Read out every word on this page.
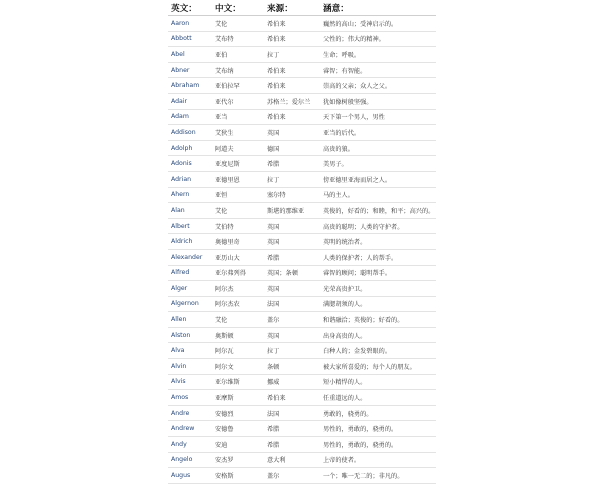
英文：	中文：	来源：	涵意：
Aaron	艾伦	希伯来	巍然的高山；受神启示的。
Abbott	艾布特	希伯来	父性的；伟大的精神。
Abel	亚伯	拉丁	生命；呼吸。
Abner	艾布纳	希伯来	睿智；有智能。
Abraham	亚伯拉罕	希伯来	崇高的父亲；众人之父。
Adair	亚代尔	苏格兰；爱尔兰	犹如像树般坚强。
Adam	亚当	希伯来	天下第一个男人，男性
Addison	艾狄生	英国	亚当的后代。
Adolph	阿道夫	德国	高贵的狼。
Adonis	亚度尼斯	希腊	美男子。
Adrian	亚德里恩	拉丁	傍亚德里亚海而居之人。
Ahern	亚恒	塞尔特	马的主人。
Alan	艾伦	斯堪的那维亚	英俊的，好看的；和睦，和平；高兴的。
Albert	艾伯特	英国	高贵的聪明；人类的守护者。
Aldrich	奥德里奇	英国	英明的统治者。
Alexander	亚历山大	希腊	人类的保护者；人的帮手。
Alfred	亚尔弗列得	英国；条顿	睿智的顾问；聪明帮手。
Alger	阿尔杰	英国	光荣高贵护卫。
Algernon	阿尔杰农	法国	满腮胡须的人。
Allen	艾伦	盖尔	和谐融洽；英俊的；好看的。
Alston	奥斯顿	英国	出身高贵的人。
Alva	阿尔瓦	拉丁	白种人的；金发碧眼的。
Alvin	阿尔文	条顿	被大家所喜爱的；每个人的朋友。
Alvis	亚尔维斯	挪威	短小精悍的人。
Amos	亚摩斯	希伯来	任重道远的人。
Andre	安德烈	法国	勇敢的，骁勇的。
Andrew	安德鲁	希腊	男性的，勇敢的，骁勇的。
Andy	安迪	希腊	男性的，勇敢的，骁勇的。
Angelo	安杰罗	意大利	上帝的使者。
Augus	安格斯	盖尔	一个；唯一无二的；非凡的。
